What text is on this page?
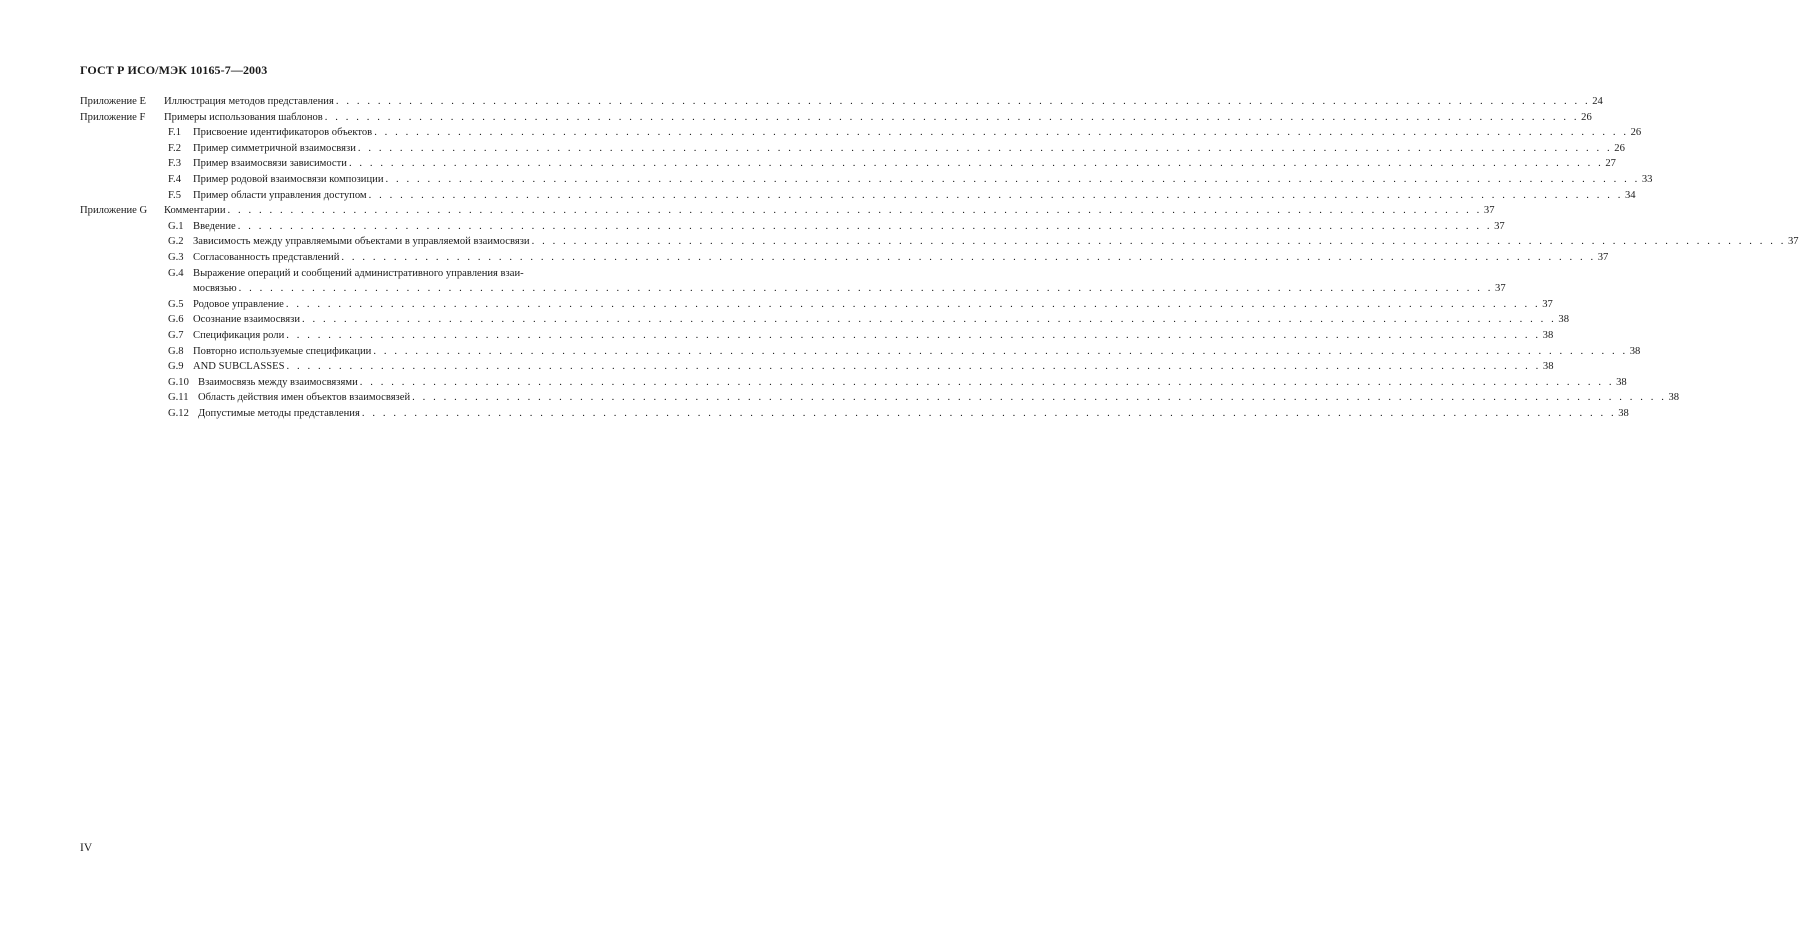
ГОСТ Р ИСО/МЭК 10165-7—2003
Приложение Е Иллюстрация методов представления . . . . . . . . . . . . . . . . . . . . . . . . . . . . . . . . . . . . . . . . . . . . . . . . . . . . . . . . . . . . . . . . . . . . . . . . . . . . . . . . . . . . . . . . . . . . . . . . . . . . . . . . . . . . . . . . . . . . . . . . 24
Приложение F Примеры использования шаблонов . . . . . . . . . . . . . . . . . . . . . . . . . . . . . . . . . . . . . . . . . . . . . . . . . . . . . . . . . . . . . . . . . . . . . . . . . . . . . . . . . . . . . . . . . . . . . . . . . . . . . . . . . . . . . . . . . . . . . . . . 26
F.1 Присвоение идентификаторов объектов . . . . . . . . . . . . . . . . . . . . . . . . . . . . . . . . . . . . . . . . . . . . . . . . . . . . . . . . . . . . . . . . . . . . . . . . . . . . . . . . . . . . . . . . . . . . . . . . . . . . . . . . . . . . . . . . . . . . . . . . 26
F.2 Пример симметричной взаимосвязи . . . . . . . . . . . . . . . . . . . . . . . . . . . . . . . . . . . . . . . . . . . . . . . . . . . . . . . . . . . . . . . . . . . . . . . . . . . . . . . . . . . . . . . . . . . . . . . . . . . . . . . . . . . . . . . . . . . . . . . . 26
F.3 Пример взаимосвязи зависимости . . . . . . . . . . . . . . . . . . . . . . . . . . . . . . . . . . . . . . . . . . . . . . . . . . . . . . . . . . . . . . . . . . . . . . . . . . . . . . . . . . . . . . . . . . . . . . . . . . . . . . . . . . . . . . . . . . . . . . . . 27
F.4 Пример родовой взаимосвязи композиции . . . . . . . . . . . . . . . . . . . . . . . . . . . . . . . . . . . . . . . . . . . . . . . . . . . . . . . . . . . . . . . . . . . . . . . . . . . . . . . . . . . . . . . . . . . . . . . . . . . . . . . . . . . . . . . . . . . . . . . . 33
F.5 Пример области управления доступом . . . . . . . . . . . . . . . . . . . . . . . . . . . . . . . . . . . . . . . . . . . . . . . . . . . . . . . . . . . . . . . . . . . . . . . . . . . . . . . . . . . . . . . . . . . . . . . . . . . . . . . . . . . . . . . . . . . . . . . . 34
Приложение G Комментарии . . . . . . . . . . . . . . . . . . . . . . . . . . . . . . . . . . . . . . . . . . . . . . . . . . . . . . . . . . . . . . . . . . . . . . . . . . . . . . . . . . . . . . . . . . . . . . . . . . . . . . . . . . . . . . . . . . . . . . . . 37
G.1 Введение . . . . . . . . . . . . . . . . . . . . . . . . . . . . . . . . . . . . . . . . . . . . . . . . . . . . . . . . . . . . . . . . . . . . . . . . . . . . . . . . . . . . . . . . . . . . . . . . . . . . . . . . . . . . . . . . . . . . . . . . 37
G.2 Зависимость между управляемыми объектами в управляемой взаимосвязи . . . . . . . . . . . . . . . . . . . . . . . . . . . . . . . . . . . . . . . . . . . . . . . . . . . . . . . . . . . . . . . . . . . . . . . . . . . . . . . . . . . . . . . . . . . . . . . . . . . . . . . . . . . . . . . . . . . . . . . . 37
G.3 Согласованность представлений . . . . . . . . . . . . . . . . . . . . . . . . . . . . . . . . . . . . . . . . . . . . . . . . . . . . . . . . . . . . . . . . . . . . . . . . . . . . . . . . . . . . . . . . . . . . . . . . . . . . . . . . . . . . . . . . . . . . . . . . 37
G.4 Выражение операций и сообщений административного управления взаи-
мосвязью . . . . . . . . . . . . . . . . . . . . . . . . . . . . . . . . . . . . . . . . . . . . . . . . . . . . . . . . . . . . . . . . . . . . . . . . . . . . . . . . . . . . . . . . . . . . . . . . . . . . . . . . . . . . . . . . . . . . . . . . 37
G.5 Родовое управление . . . . . . . . . . . . . . . . . . . . . . . . . . . . . . . . . . . . . . . . . . . . . . . . . . . . . . . . . . . . . . . . . . . . . . . . . . . . . . . . . . . . . . . . . . . . . . . . . . . . . . . . . . . . . . . . . . . . . . . . 37
G.6 Осознание взаимосвязи . . . . . . . . . . . . . . . . . . . . . . . . . . . . . . . . . . . . . . . . . . . . . . . . . . . . . . . . . . . . . . . . . . . . . . . . . . . . . . . . . . . . . . . . . . . . . . . . . . . . . . . . . . . . . . . . . . . . . . . . 38
G.7 Спецификация роли . . . . . . . . . . . . . . . . . . . . . . . . . . . . . . . . . . . . . . . . . . . . . . . . . . . . . . . . . . . . . . . . . . . . . . . . . . . . . . . . . . . . . . . . . . . . . . . . . . . . . . . . . . . . . . . . . . . . . . . . 38
G.8 Повторно используемые спецификации . . . . . . . . . . . . . . . . . . . . . . . . . . . . . . . . . . . . . . . . . . . . . . . . . . . . . . . . . . . . . . . . . . . . . . . . . . . . . . . . . . . . . . . . . . . . . . . . . . . . . . . . . . . . . . . . . . . . . . . . 38
G.9 AND SUBCLASSES . . . . . . . . . . . . . . . . . . . . . . . . . . . . . . . . . . . . . . . . . . . . . . . . . . . . . . . . . . . . . . . . . . . . . . . . . . . . . . . . . . . . . . . . . . . . . . . . . . . . . . . . . . . . . . . . . . . . . . . . 38
G.10 Взаимосвязь между взаимосвязями . . . . . . . . . . . . . . . . . . . . . . . . . . . . . . . . . . . . . . . . . . . . . . . . . . . . . . . . . . . . . . . . . . . . . . . . . . . . . . . . . . . . . . . . . . . . . . . . . . . . . . . . . . . . . . . . . . . . . . . . 38
G.11 Область действия имен объектов взаимосвязей . . . . . . . . . . . . . . . . . . . . . . . . . . . . . . . . . . . . . . . . . . . . . . . . . . . . . . . . . . . . . . . . . . . . . . . . . . . . . . . . . . . . . . . . . . . . . . . . . . . . . . . . . . . . . . . . . . . . . . . . 38
G.12 Допустимые методы представления . . . . . . . . . . . . . . . . . . . . . . . . . . . . . . . . . . . . . . . . . . . . . . . . . . . . . . . . . . . . . . . . . . . . . . . . . . . . . . . . . . . . . . . . . . . . . . . . . . . . . . . . . . . . . . . . . . . . . . . . 38
IV
